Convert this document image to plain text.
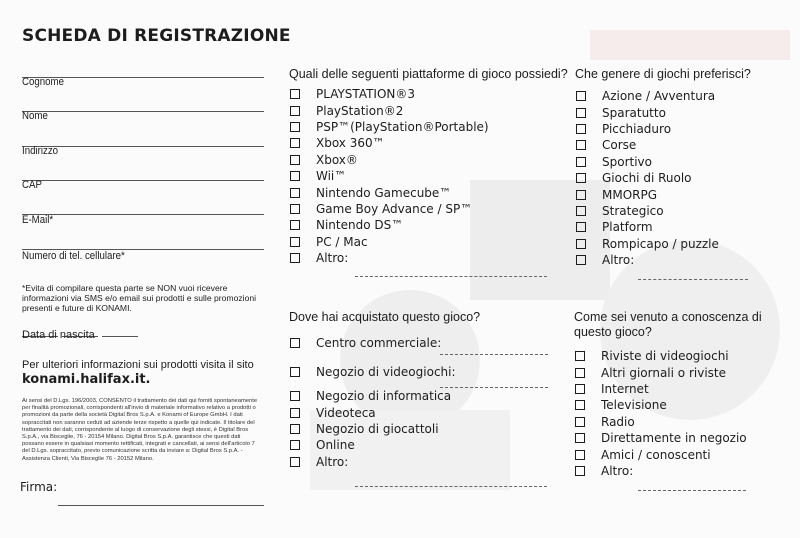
SCHEDA DI REGISTRAZIONE
Cognome
Nome
Indirizzo
CAP
E-Mail*
Numero di tel. cellulare*
*Evita di compilare questa parte se NON vuoi ricevere informazioni via SMS e/o email sui prodotti e sulle promozioni presenti e future di KONAMI.
Data di nascita
Per ulteriori informazioni sui prodotti visita il sito
konami.halifax.it.
Ai sensi del D.Lgs. 196/2003, CONSENTO il trattamento dei dati qui forniti spontaneamente per finalità promozionali, corrispondenti all'invio di materiale informativo relativo a prodotti o promozioni da parte della società Digital Bros S.p.A. e Konami of Europe GmbH. I dati sopraccitati non saranno ceduti ad aziende terze rispetto a quelle qui indicate. Il titolare del trattamento dei dati, corrispondente al luogo di conservazione degli stessi, è Digital Bros S.p.A., via Bisceglie, 76 - 20154 Milano. Digital Bros S.p.A. garantisce che questi dati possano essere in qualsiasi momento rettificati, integrati e cancellati, ai sensi dell'articolo 7 del D.Lgs. sopraccitato, previo comunicazione scritta da inviare a: Digital Bros S.p.A. - Assistenza Clienti, Via Bisceglie 76 - 20152 Milano.
Firma:
Quali delle seguenti piattaforme di gioco possiedi?
PLAYSTATION®3
PlayStation®2
PSP™(PlayStation®Portable)
Xbox 360™
Xbox®
Wii™
Nintendo Gamecube™
Game Boy Advance / SP™
Nintendo DS™
PC / Mac
Altro:
Che genere di giochi preferisci?
Azione / Avventura
Sparatutto
Picchiaduro
Corse
Sportivo
Giochi di Ruolo
MMORPG
Strategico
Platform
Rompicapo / puzzle
Altro:
Dove hai acquistato questo gioco?
Centro commerciale:
Negozio di videogiochi:
Negozio di informatica
Videoteca
Negozio di giocattoli
Online
Altro:
Come sei venuto a conoscenza di questo gioco?
Riviste di videogiochi
Altri giornali o riviste
Internet
Televisione
Radio
Direttamente in negozio
Amici / conoscenti
Altro:
